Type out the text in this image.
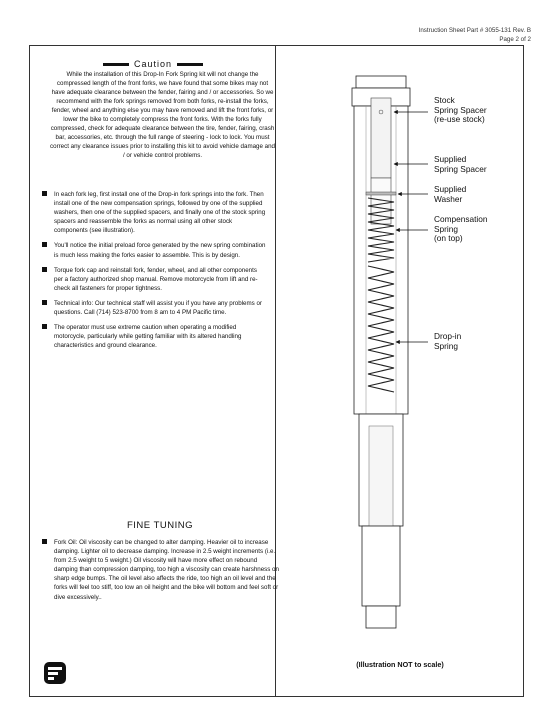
Instruction Sheet Part # 3055-131 Rev. B
Page 2 of 2
Caution

While the installation of this Drop-In Fork Spring kit will not change the compressed length of the front forks, we have found that some bikes may not have adequate clearance between the fender, fairing and / or accessories. So we recommend with the fork springs removed from both forks, re-install the forks, fender, wheel and anything else you may have removed and lift the front forks, or lower the bike to completely compress the front forks. With the forks fully compressed, check for adequate clearance between the tire, fender, fairing, crash bar, accessories, etc. through the full range of steering - lock to lock. You must correct any clearance issues prior to installing this kit to avoid vehicle damage and / or vehicle control problems.

In each fork leg, first install one of the Drop-in fork springs into the fork. Then install one of the new compensation springs, followed by one of the supplied washers, then one of the supplied spacers, and finally one of the stock spring spacers and reassemble the forks as normal using all other stock components (see illustration).
You'll notice the initial preload force generated by the new spring combination is much less making the forks easier to assemble. This is by design.
Torque fork cap and reinstall fork, fender, wheel, and all other components per a factory authorized shop manual. Remove motorcycle from lift and re-check all fasteners for proper tightness.
Technical info: Our technical staff will assist you if you have any problems or questions. Call (714) 523-8700 from 8 am to 4 PM Pacific time.
The operator must use extreme caution when operating a modified motorcycle, particularly while getting familiar with its altered handling characteristics and ground clearance.
FINE TUNING
Fork Oil: Oil viscosity can be changed to alter damping. Heavier oil to increase damping. Lighter oil to decrease damping. Increase in 2.5 weight increments (i.e. from 2.5 weight to 5 weight.) Oil viscosity will have more effect on rebound damping than compression damping, too high a viscosity can create harshness on sharp edge bumps. The oil level also affects the ride, too high an oil level and the forks will feel too stiff, too low an oil height and the bike will bottom and feel soft or dive excessively..
Stock
Spring Spacer
(re-use stock)
Supplied
Spring Spacer
Supplied
Washer
Compensation
Spring
(on top)
Drop-in
Spring
(Illustration NOT to scale)
